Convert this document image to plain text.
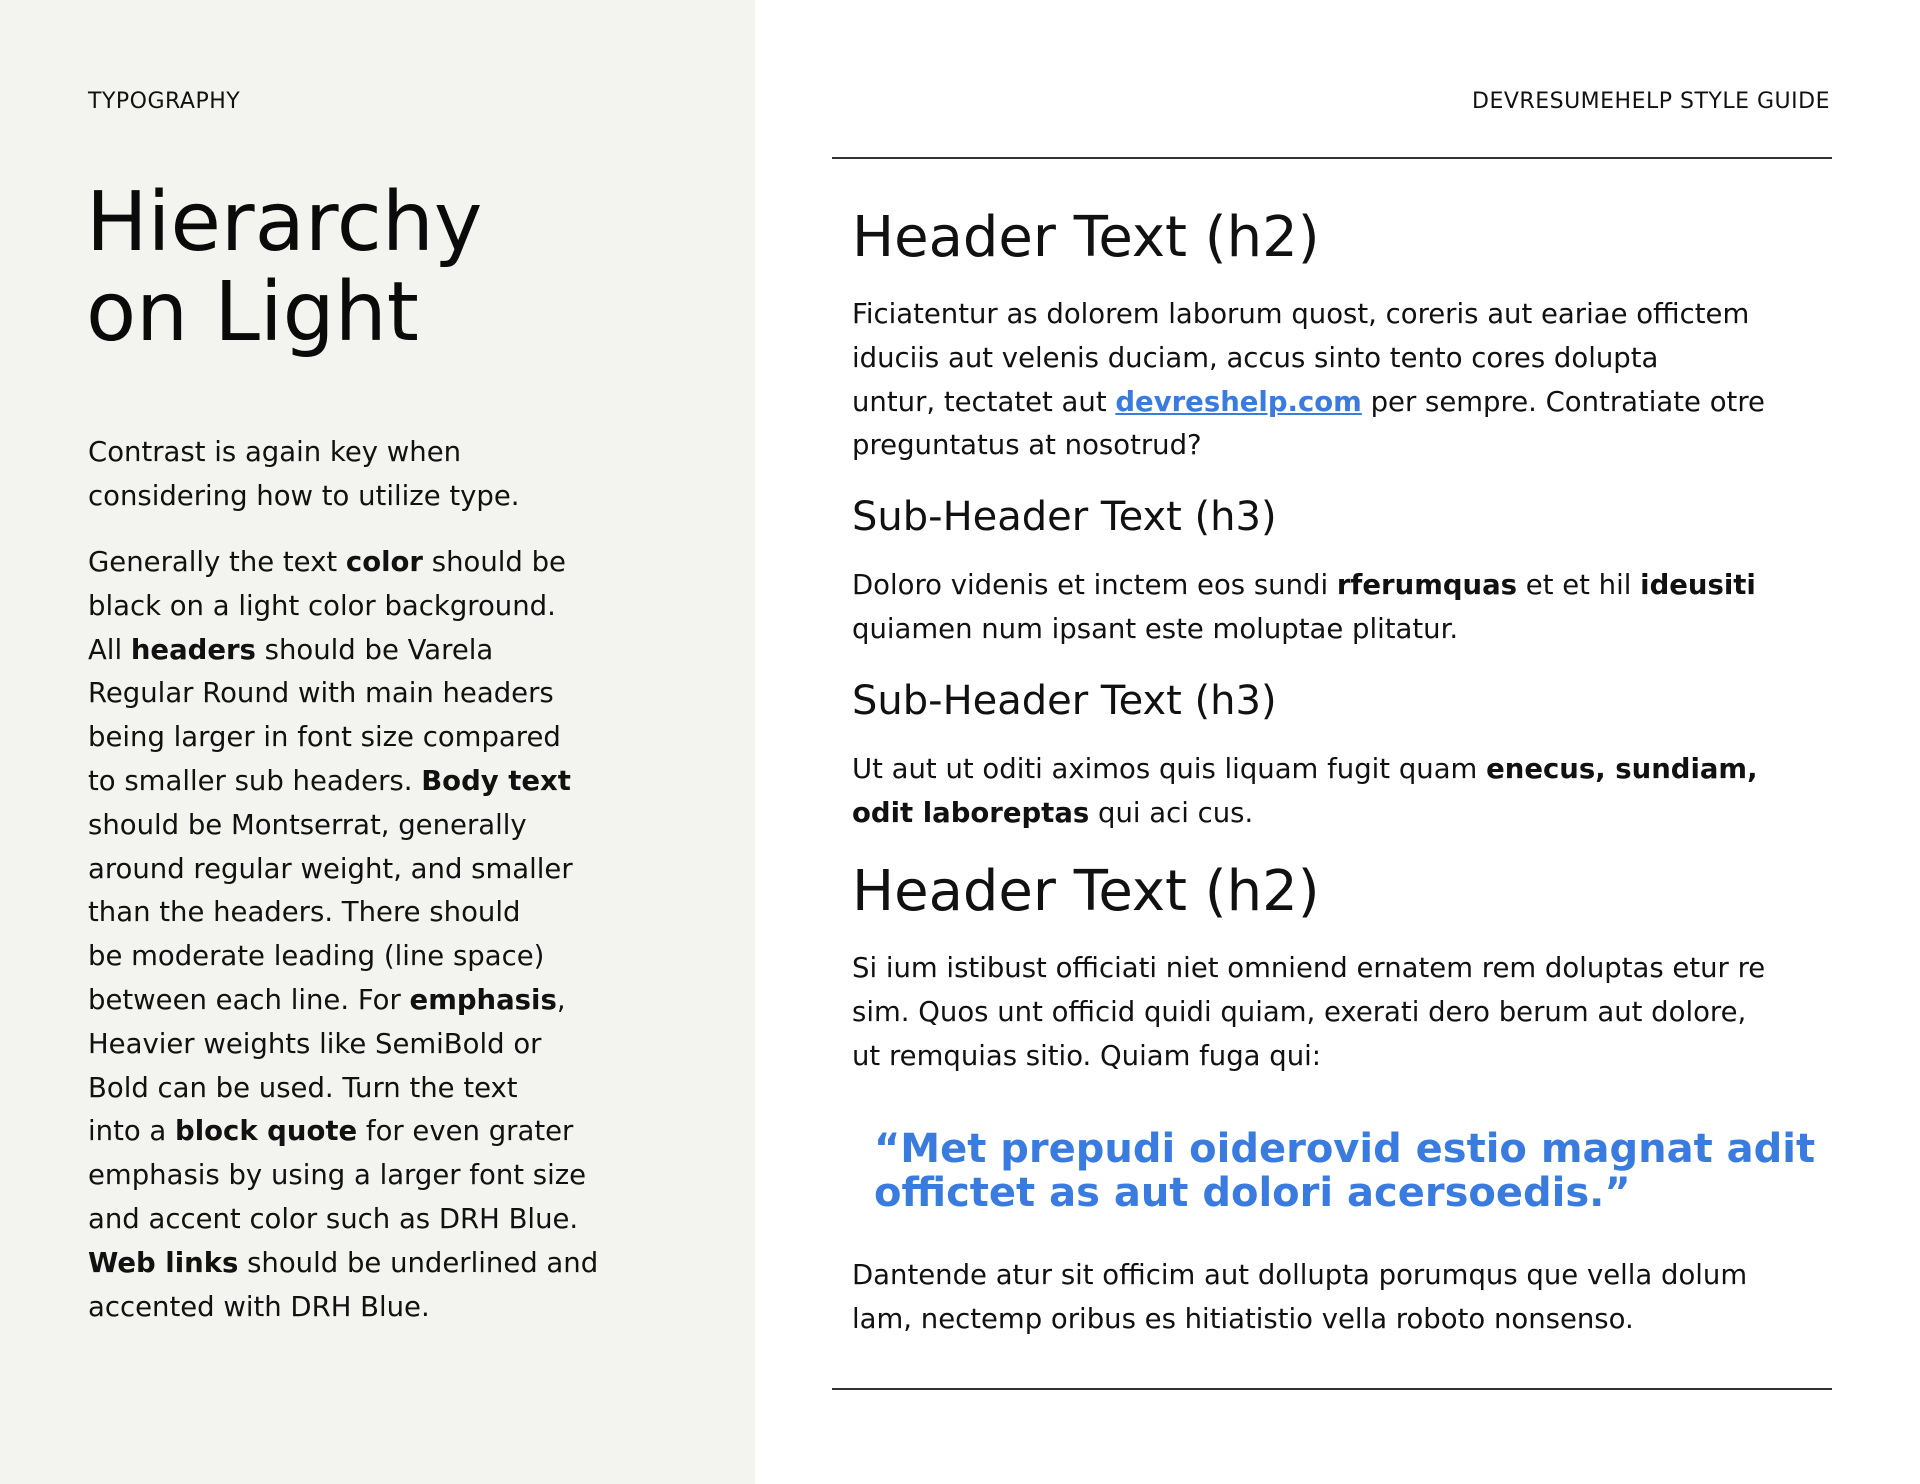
TYPOGRAPHY
Hierarchy
on Light

Contrast is again key when
considering how to utilize type.

Generally the text color should be
black on a light color background.
All headers should be Varela
Regular Round with main headers
being larger in font size compared
to smaller sub headers. Body text
should be Montserrat, generally
around regular weight, and smaller
than the headers. There should
be moderate leading (line space)
between each line. For emphasis,
Heavier weights like SemiBold or
Bold can be used. Turn the text
into a block quote for even grater
emphasis by using a larger font size
and accent color such as DRH Blue.
Web links should be underlined and
accented with DRH Blue.

DEVRESUMEHELP STYLE GUIDE
Header Text (h2)

Ficiatentur as dolorem laborum quost, coreris aut eariae offictem
iduciis aut velenis duciam, accus sinto tento cores dolupta
untur, tectatet aut devreshelp.com per sempre. Contratiate otre
preguntatus at nosotrud?

Sub-Header Text (h3)

Doloro videnis et inctem eos sundi rferumquas et et hil ideusiti
quiamen num ipsant este moluptae plitatur.

Sub-Header Text (h3)

Ut aut ut oditi aximos quis liquam fugit quam enecus, sundiam,
odit laboreptas qui aci cus.

Header Text (h2)

Si ium istibust officiati niet omniend ernatem rem doluptas etur re
sim. Quos unt officid quidi quiam, exerati dero berum aut dolore,
ut remquias sitio. Quiam fuga qui:

“Met prepudi oiderovid estio magnat adit
offictet as aut dolori acersoedis.”

Dantende atur sit officim aut dollupta porumqus que vella dolum
lam, nectemp oribus es hitiatistio vella roboto nonsenso.
